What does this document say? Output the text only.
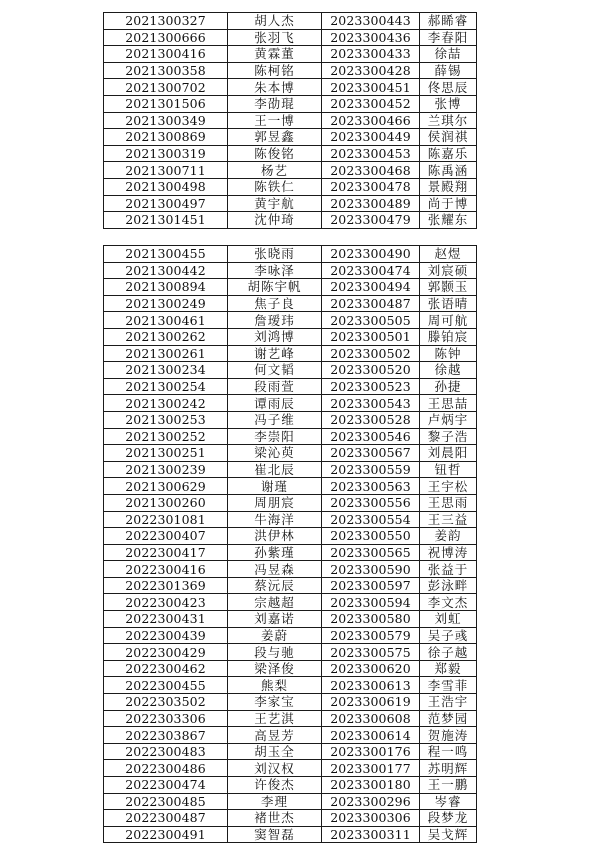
2021300327	胡人杰	2023300443	郝睎睿
2021300666	张羽飞	2023300436	李春阳
2021300416	黄霖董	2023300433	徐喆
2021300358	陈柯铭	2023300428	薛锡
2021300702	朱本博	2023300451	佟思辰
2021301506	李劭琨	2023300452	张博
2021300349	王一博	2023300466	兰琪尔
2021300869	郭昱鑫	2023300449	侯润祺
2021300319	陈俊铭	2023300453	陈嘉乐
2021300711	杨艺	2023300468	陈禹涵
2021300498	陈铁仁	2023300478	景殿翔
2021300497	黄宇航	2023300489	尚于博
2021301451	沈仲琦	2023300479	张耀东
2021300455	张晓雨	2023300490	赵煜
2021300442	李咏泽	2023300474	刘宸硕
2021300894	胡陈宇帆	2023300494	郭颢玉
2021300249	焦子良	2023300487	张语晴
2021300461	詹瑷玮	2023300505	周可航
2021300262	刘鸿博	2023300501	滕铂宸
2021300261	谢艺峰	2023300502	陈钟
2021300234	何文韬	2023300520	徐越
2021300254	段雨萱	2023300523	孙捷
2021300242	谭雨辰	2023300543	王思喆
2021300253	冯子维	2023300528	卢炳宇
2021300252	李崇阳	2023300546	黎子浩
2021300251	梁沁萸	2023300567	刘晨阳
2021300239	崔北辰	2023300559	钮哲
2021300629	谢瑾	2023300563	王宇松
2021300260	周朋宸	2023300556	王思雨
2022301081	牛海洋	2023300554	王三益
2022300407	洪伊林	2023300550	姜韵
2022300417	孙紫瑾	2023300565	祝博涛
2022300416	冯昱森	2023300590	张益于
2022301369	蔡沅辰	2023300597	彭泳畔
2022300423	宗越超	2023300594	李文杰
2022300431	刘嘉诺	2023300580	刘虹
2022300439	姜蔚	2023300579	吴子彧
2022300429	段与驰	2023300575	徐子越
2022300462	梁泽俊	2023300620	郑毅
2022300455	熊梨	2023300613	李雪菲
2022303502	李家宝	2023300619	王浩宇
2022303306	王艺淇	2023300608	范梦园
2022303867	高昱芳	2023300614	贺施涛
2022300483	胡玉全	2023300176	程一鸣
2022300486	刘汉权	2023300177	苏明辉
2022300474	许俊杰	2023300180	王一鹏
2022300485	李理	2023300296	岑睿
2022300487	褚世杰	2023300306	段梦龙
2022300491	窦智磊	2023300311	吴戈辉
